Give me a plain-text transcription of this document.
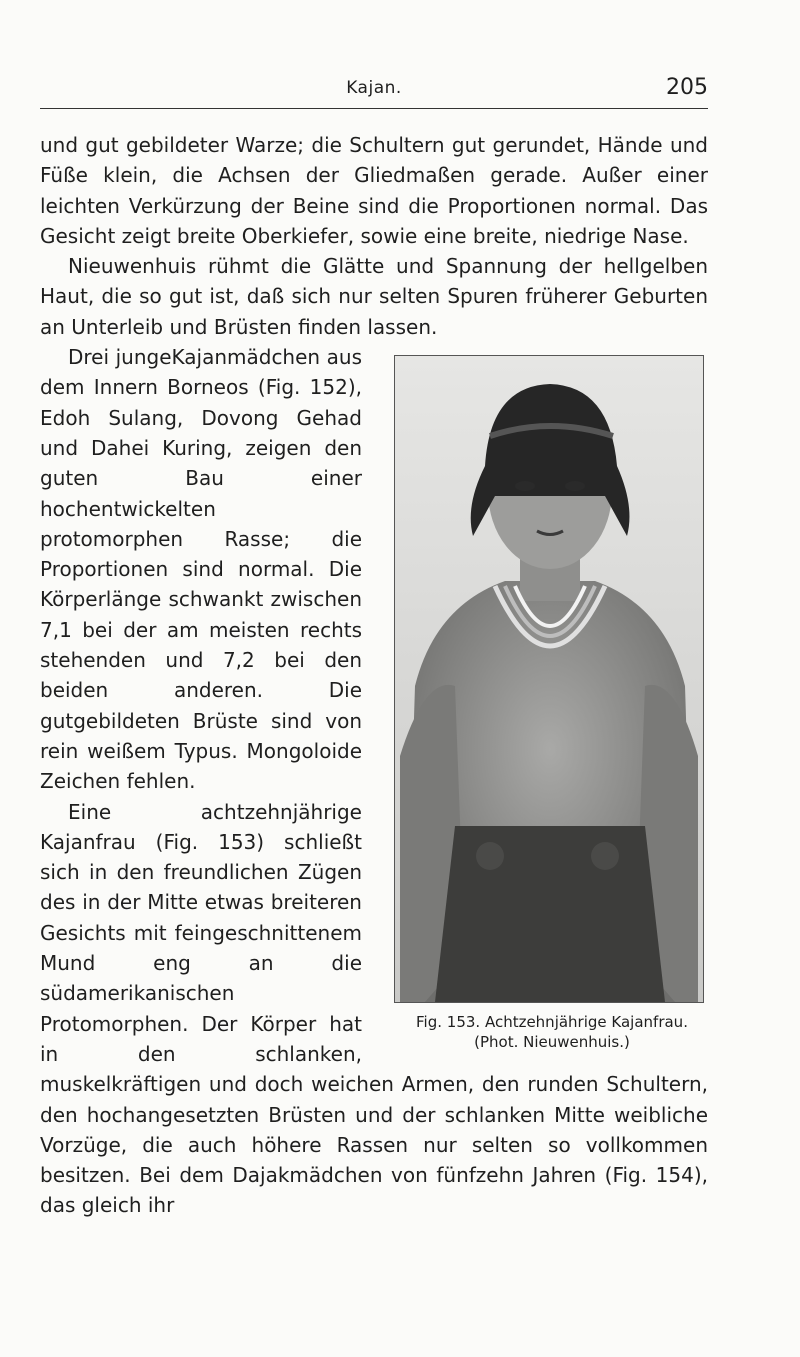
Kajan.	205

und gut gebildeter Warze; die Schultern gut gerundet, Hände und Füße klein, die Achsen der Gliedmaßen gerade. Außer einer leichten Verkürzung der Beine sind die Proportionen normal. Das Gesicht zeigt breite Oberkiefer, sowie eine breite, niedrige Nase.

Nieuwenhuis rühmt die Glätte und Spannung der hellgelben Haut, die so gut ist, daß sich nur selten Spuren früherer Geburten an Unterleib und Brüsten finden lassen.

Fig. 153. Achtzehnjährige Kajanfrau.
(Phot. Nieuwenhuis.)

Drei jungeKajanmädchen aus dem Innern Borneos (Fig. 152), Edoh Sulang, Dovong Gehad und Dahei Kuring, zeigen den guten Bau einer hochentwickelten protomorphen Rasse; die Proportionen sind normal. Die Körperlänge schwankt zwischen 7,1 bei der am meisten rechts stehenden und 7,2 bei den beiden anderen. Die gutgebildeten Brüste sind von rein weißem Typus. Mongoloide Zeichen fehlen.

Eine achtzehnjährige Kajanfrau (Fig. 153) schließt sich in den freundlichen Zügen des in der Mitte etwas breiteren Gesichts mit feingeschnittenem Mund eng an die südamerikanischen Protomorphen. Der Körper hat in den schlanken, muskelkräftigen und doch weichen Armen, den runden Schultern, den hochangesetzten Brüsten und der schlanken Mitte weibliche Vorzüge, die auch höhere Rassen nur selten so vollkommen besitzen. Bei dem Dajakmädchen von fünfzehn Jahren (Fig. 154), das gleich ihr
